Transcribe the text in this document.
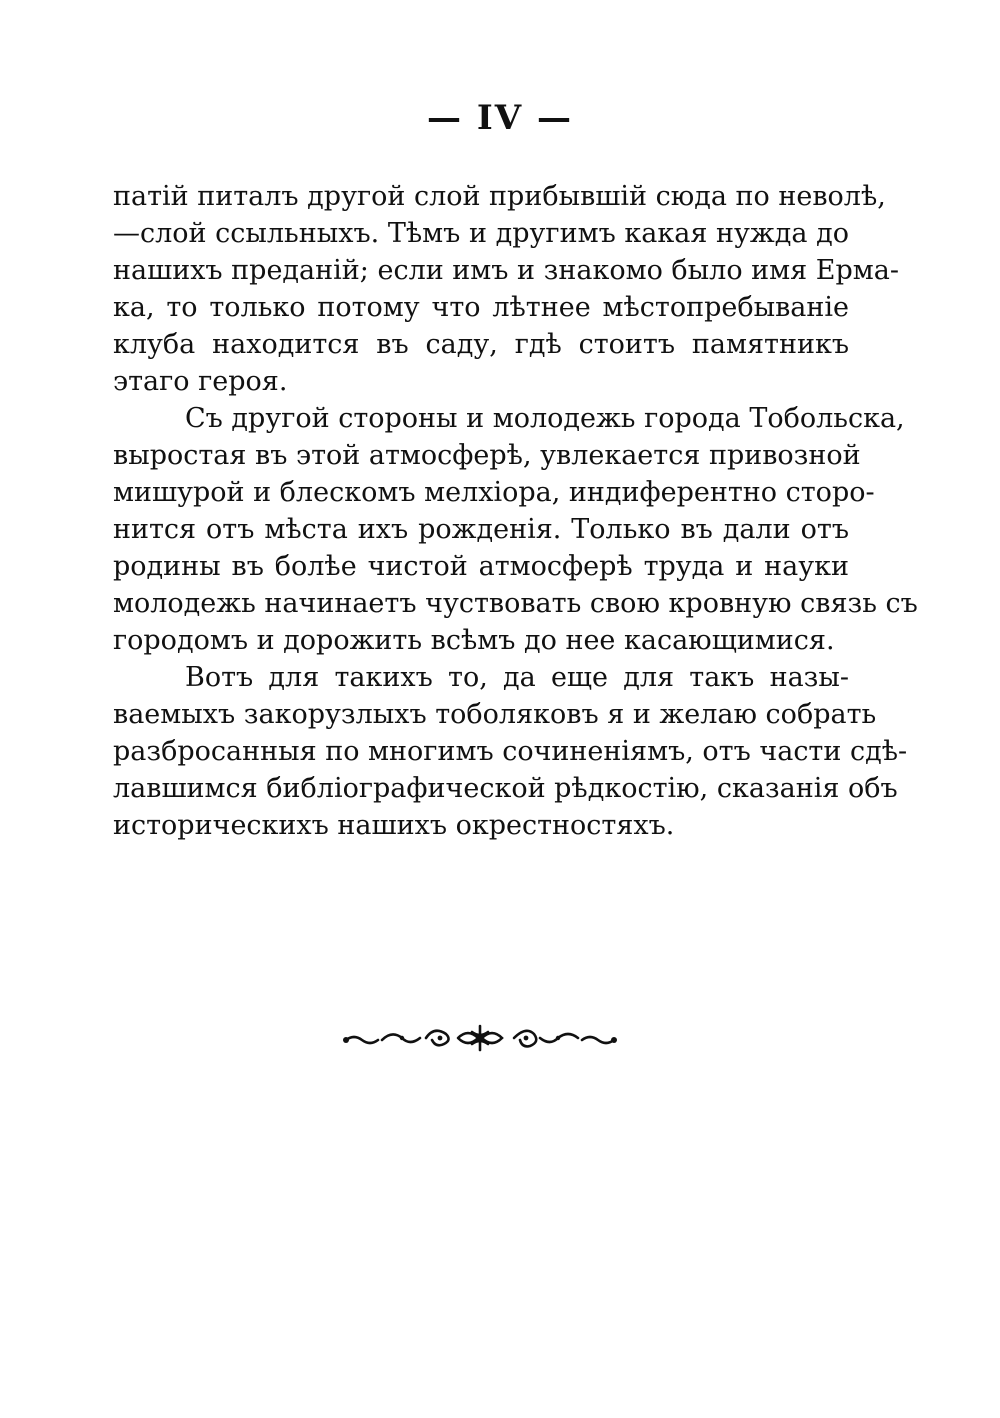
— IV —
патій питалъ другой слой прибывшій сюда по неволѣ,
—слой ссыльныхъ. Тѣмъ и другимъ какая нужда до
нашихъ преданій; если имъ и знакомо было имя Ерма-
ка, то только потому что лѣтнее мѣстопребываніе
клуба находится въ саду, гдѣ стоитъ памятникъ
этаго героя.
Съ другой стороны и молодежь города Тобольска,
выростая въ этой атмосферѣ, увлекается привозной
мишурой и блескомъ мелхіора, индиферентно сторо-
нится отъ мѣста ихъ рожденія. Только въ дали отъ
родины въ болѣе чистой атмосферѣ труда и науки
молодежь начинаетъ чуствовать свою кровную связь съ
городомъ и дорожить всѣмъ до нее касающимися.
Вотъ для такихъ то, да еще для такъ назы-
ваемыхъ закорузлыхъ тоболяковъ я и желаю собрать
разбросанныя по многимъ сочиненіямъ, отъ части сдѣ-
лавшимся библіографической рѣдкостію, сказанія объ
историческихъ нашихъ окрестностяхъ.
